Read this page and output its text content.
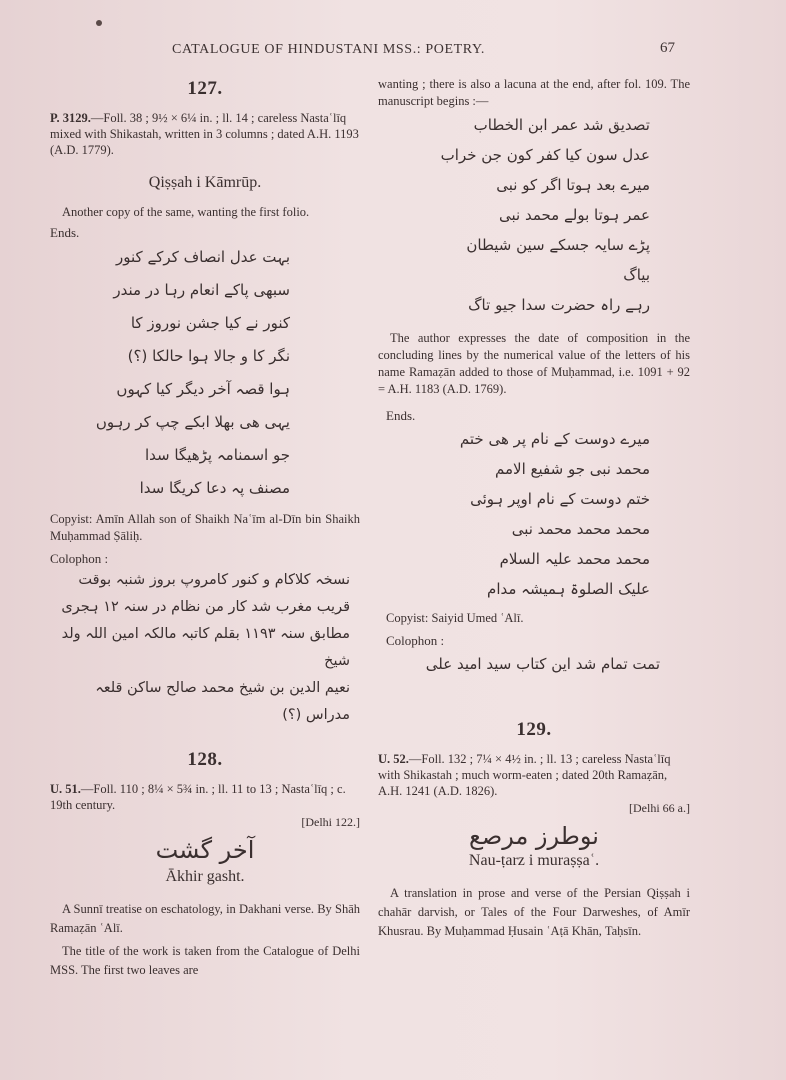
CATALOGUE OF HINDUSTANI MSS.: POETRY.	67
127.

P. 3129.—Foll. 38 ; 9½ × 6¼ in. ; ll. 14 ; careless Nastaʿlīq mixed with Shikastah, written in 3 columns ; dated A.H. 1193 (A.D. 1779).

Qiṣṣah i Kāmrūp.

Another copy of the same, wanting the first folio.

Ends.

بہت عدل انصاف کرکے کنور
سبھی پاکے انعام رہا در مندر
کنور نے کیا جشن نوروز کا
نگر کا و جالا ہوا حالکا (؟)
ہوا قصہ آخر دیگر کیا کہوں
یہی ھی بھلا ابکے چپ کر رہوں
جو اسمنامہ پڑھیگا سدا
مصنف پہ دعا کریگا سدا

Copyist: Amīn Allah son of Shaikh Naʿīm al-Dīn bin Shaikh Muḥammad Ṣāliḥ.

Colophon :

نسخہ کلاکام و کنور کامروپ بروز شنبہ بوقت
قریب مغرب شد کار من نظام در سنہ ۱۲ ہجری
مطابق سنہ ۱۱۹۳ بقلم کاتبہ مالکہ امین اللہ ولد شیخ
نعیم الدین بن شیخ محمد صالح ساکن قلعہ مدراس (؟)
128.

U. 51.—Foll. 110 ; 8¼ × 5¾ in. ; ll. 11 to 13 ; Nastaʿlīq ; c. 19th century.

[Delhi 122.]

آخر گشت

Ākhir gasht.

A Sunnī treatise on eschatology, in Dakhani verse. By Shāh Ramaẓān ʿAlī.

The title of the work is taken from the Catalogue of Delhi MSS. The first two leaves are

wanting ; there is also a lacuna at the end, after fol. 109. The manuscript begins :—

تصدیق شد عمر ابن الخطاب
عدل سون کیا کفر کون جن خراب
میرے بعد ہوتا اگر کو نبی
عمر ہوتا بولے محمد نبی
پڑے سایہ جسکے سین شیطان بیاگ
رہے راہ حضرت سدا جیو تاگ

The author expresses the date of composition in the concluding lines by the numerical value of the letters of his name Ramaẓān added to those of Muḥammad, i.e. 1091 + 92 = A.H. 1183 (A.D. 1769).

Ends.

میرے دوست کے نام پر ھی ختم
محمد نبی جو شفیع الامم
ختم دوست کے نام اوپر ہوئی
محمد محمد محمد نبی
محمد محمد علیہ السلام
علیک الصلوۃ ہمیشہ مدام

Copyist: Saiyid Umed ʿAlī.

Colophon :

تمت تمام شد این کتاب سید امید علی
129.

U. 52.—Foll. 132 ; 7¼ × 4½ in. ; ll. 13 ; careless Nastaʿlīq with Shikastah ; much worm-eaten ; dated 20th Ramaẓān, A.H. 1241 (A.D. 1826).

[Delhi 66 a.]

نوطرز مرصع

Nau-ṭarz i muraṣṣaʿ.

A translation in prose and verse of the Persian Qiṣṣah i chahār darvish, or Tales of the Four Darweshes, of Amīr Khusrau. By Muḥammad Ḥusain ʿAṭā Khān, Taḥsīn.
